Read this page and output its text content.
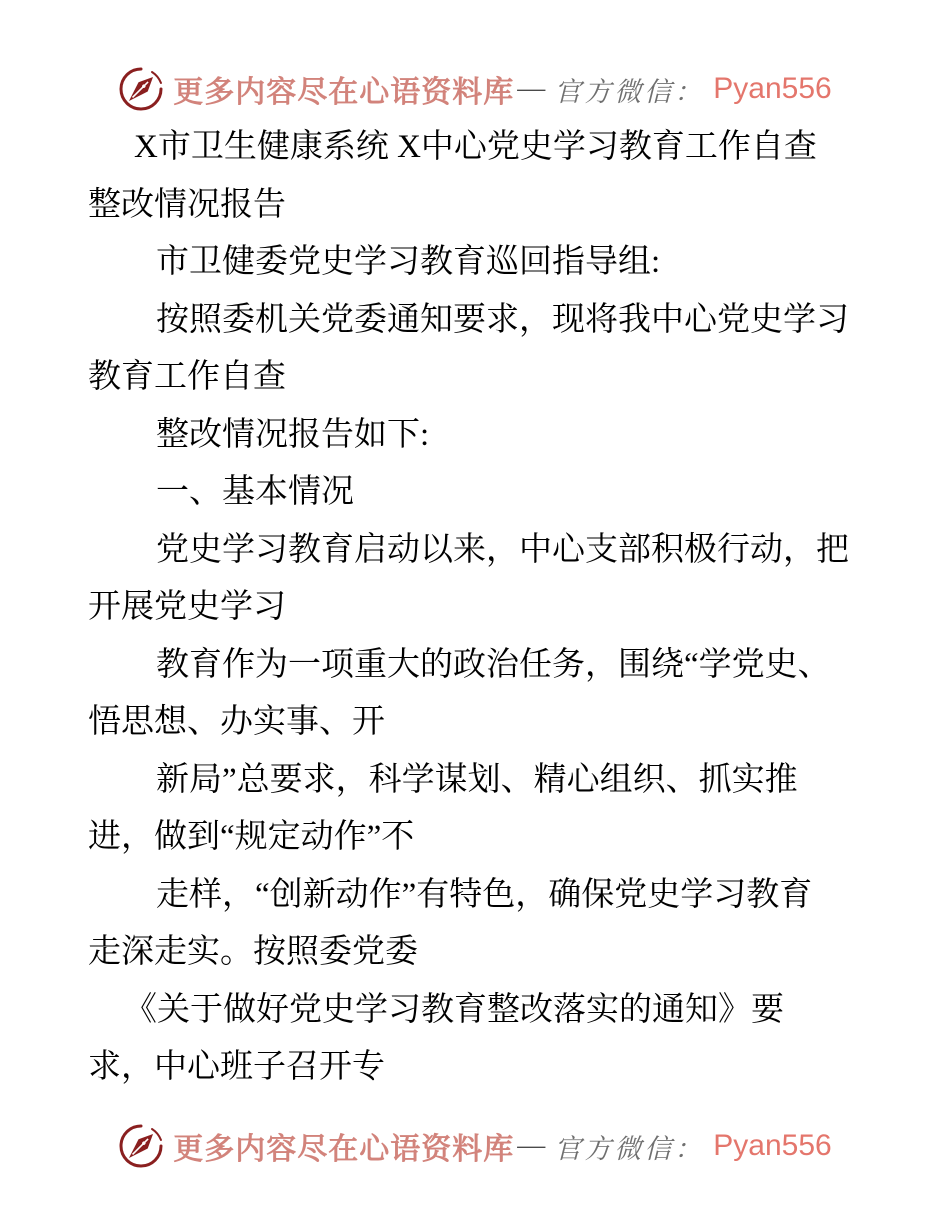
更多内容尽在心语资料库 — 官方微信： Pyan556
X市卫生健康系统 X中心党史学习教育工作自查
整改情况报告
市卫健委党史学习教育巡回指导组:
按照委机关党委通知要求，现将我中心党史学习
教育工作自查
整改情况报告如下:
一、基本情况
党史学习教育启动以来，中心支部积极行动，把
开展党史学习
教育作为一项重大的政治任务，围绕“学党史、
悟思想、办实事、开
新局”总要求，科学谋划、精心组织、抓实推
进，做到“规定动作”不
走样，“创新动作”有特色，确保党史学习教育
走深走实。按照委党委
《关于做好党史学习教育整改落实的通知》要
求，中心班子召开专
更多内容尽在心语资料库 — 官方微信： Pyan556
